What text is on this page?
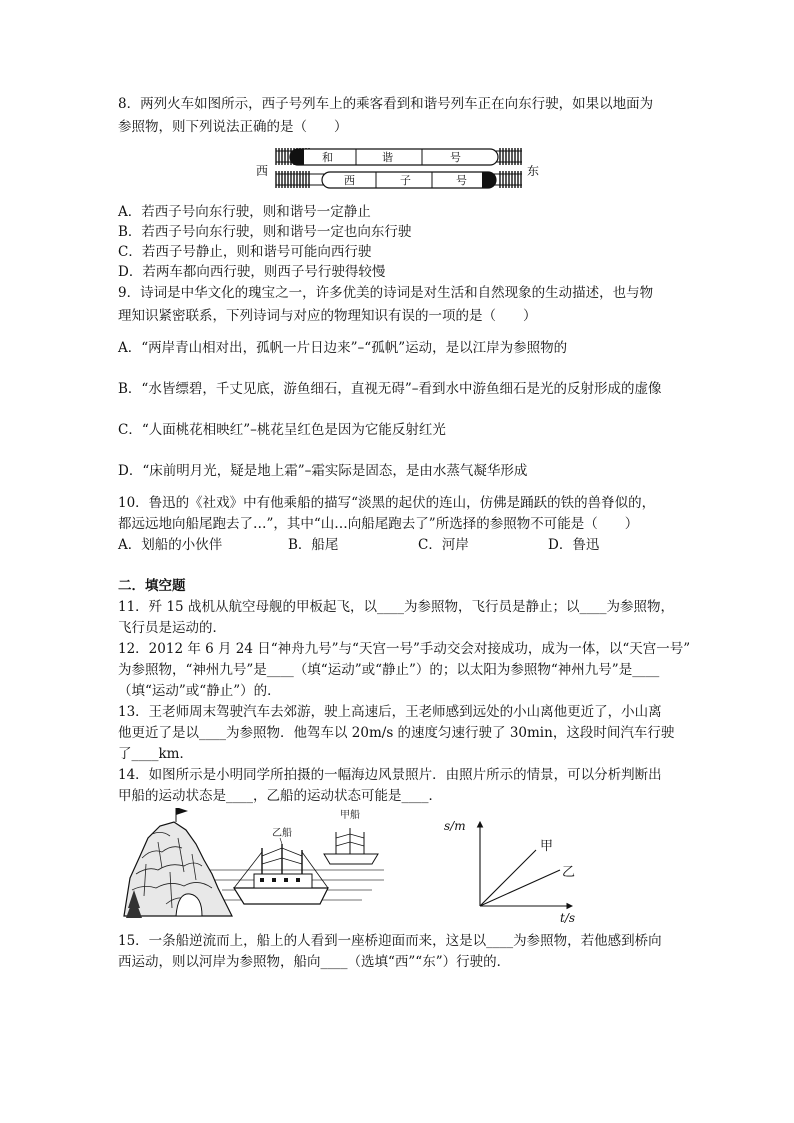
8．两列火车如图所示，西子号列车上的乘客看到和谐号列车正在向东行驶，如果以地面为
参照物，则下列说法正确的是（　　）
西	东
和	谐	号
西	子	号
A．若西子号向东行驶，则和谐号一定静止
B．若西子号向东行驶，则和谐号一定也向东行驶
C．若西子号静止，则和谐号可能向西行驶
D．若两车都向西行驶，则西子号行驶得较慢
9．诗词是中华文化的瑰宝之一，许多优美的诗词是对生活和自然现象的生动描述，也与物
理知识紧密联系，下列诗词与对应的物理知识有误的一项的是（　　）
A．“两岸青山相对出，孤帆一片日边来”–“孤帆”运动，是以江岸为参照物的
B．“水皆缥碧，千丈见底，游鱼细石，直视无碍”–看到水中游鱼细石是光的反射形成的虚像
C．“人面桃花相映红”–桃花呈红色是因为它能反射红光
D．“床前明月光，疑是地上霜”–霜实际是固态，是由水蒸气凝华形成
10．鲁迅的《社戏》中有他乘船的描写“淡黑的起伏的连山，仿佛是踊跃的铁的兽脊似的，
都远远地向船尾跑去了…”，其中“山…向船尾跑去了”所选择的参照物不可能是（　　）
A．划船的小伙伴	B．船尾	C．河岸	D．鲁迅
二．填空题
11．歼 15 战机从航空母舰的甲板起飞，以____为参照物，飞行员是静止；以____为参照物，
飞行员是运动的．
12．2012 年 6 月 24 日“神舟九号”与“天宫一号”手动交会对接成功，成为一体，以“天宫一号”
为参照物，“神州九号”是____（填“运动”或“静止”）的；以太阳为参照物“神州九号”是____
（填“运动”或“静止”）的．
13．王老师周末驾驶汽车去郊游，驶上高速后，王老师感到远处的小山离他更近了，小山离
他更近了是以____为参照物．他驾车以 20m/s 的速度匀速行驶了 30min，这段时间汽车行驶
了____km．
14．如图所示是小明同学所拍摄的一幅海边风景照片．由照片所示的情景，可以分析判断出
甲船的运动状态是____，乙船的运动状态可能是____．
乙船
甲船
s/m
t/s
甲
乙
15．一条船逆流而上，船上的人看到一座桥迎面而来，这是以____为参照物，若他感到桥向
西运动，则以河岸为参照物，船向____（选填“西”“东”）行驶的．
